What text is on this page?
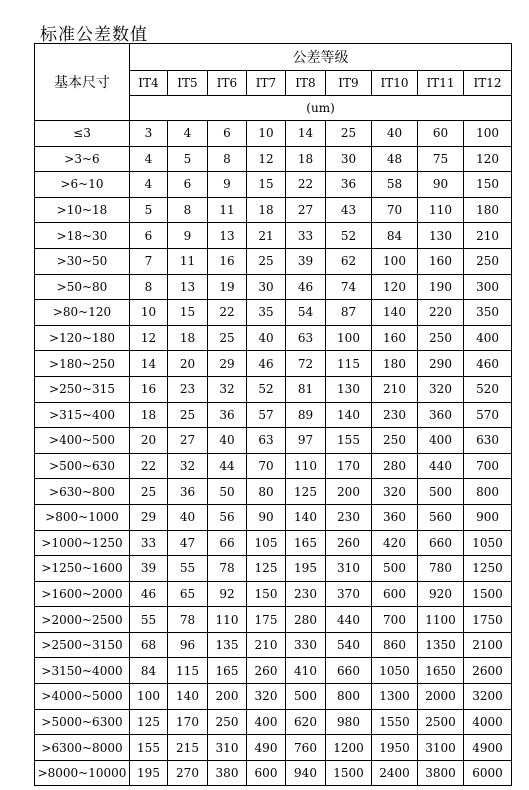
标准公差数值
基本尺寸	公差等级								
	IT4	IT5	IT6	IT7	IT8	IT9	IT10	IT11	IT12
	(um)								
≤3	3	4	6	10	14	25	40	60	100
>3~6	4	5	8	12	18	30	48	75	120
>6~10	4	6	9	15	22	36	58	90	150
>10~18	5	8	11	18	27	43	70	110	180
>18~30	6	9	13	21	33	52	84	130	210
>30~50	7	11	16	25	39	62	100	160	250
>50~80	8	13	19	30	46	74	120	190	300
>80~120	10	15	22	35	54	87	140	220	350
>120~180	12	18	25	40	63	100	160	250	400
>180~250	14	20	29	46	72	115	180	290	460
>250~315	16	23	32	52	81	130	210	320	520
>315~400	18	25	36	57	89	140	230	360	570
>400~500	20	27	40	63	97	155	250	400	630
>500~630	22	32	44	70	110	170	280	440	700
>630~800	25	36	50	80	125	200	320	500	800
>800~1000	29	40	56	90	140	230	360	560	900
>1000~1250	33	47	66	105	165	260	420	660	1050
>1250~1600	39	55	78	125	195	310	500	780	1250
>1600~2000	46	65	92	150	230	370	600	920	1500
>2000~2500	55	78	110	175	280	440	700	1100	1750
>2500~3150	68	96	135	210	330	540	860	1350	2100
>3150~4000	84	115	165	260	410	660	1050	1650	2600
>4000~5000	100	140	200	320	500	800	1300	2000	3200
>5000~6300	125	170	250	400	620	980	1550	2500	4000
>6300~8000	155	215	310	490	760	1200	1950	3100	4900
>8000~10000	195	270	380	600	940	1500	2400	3800	6000
